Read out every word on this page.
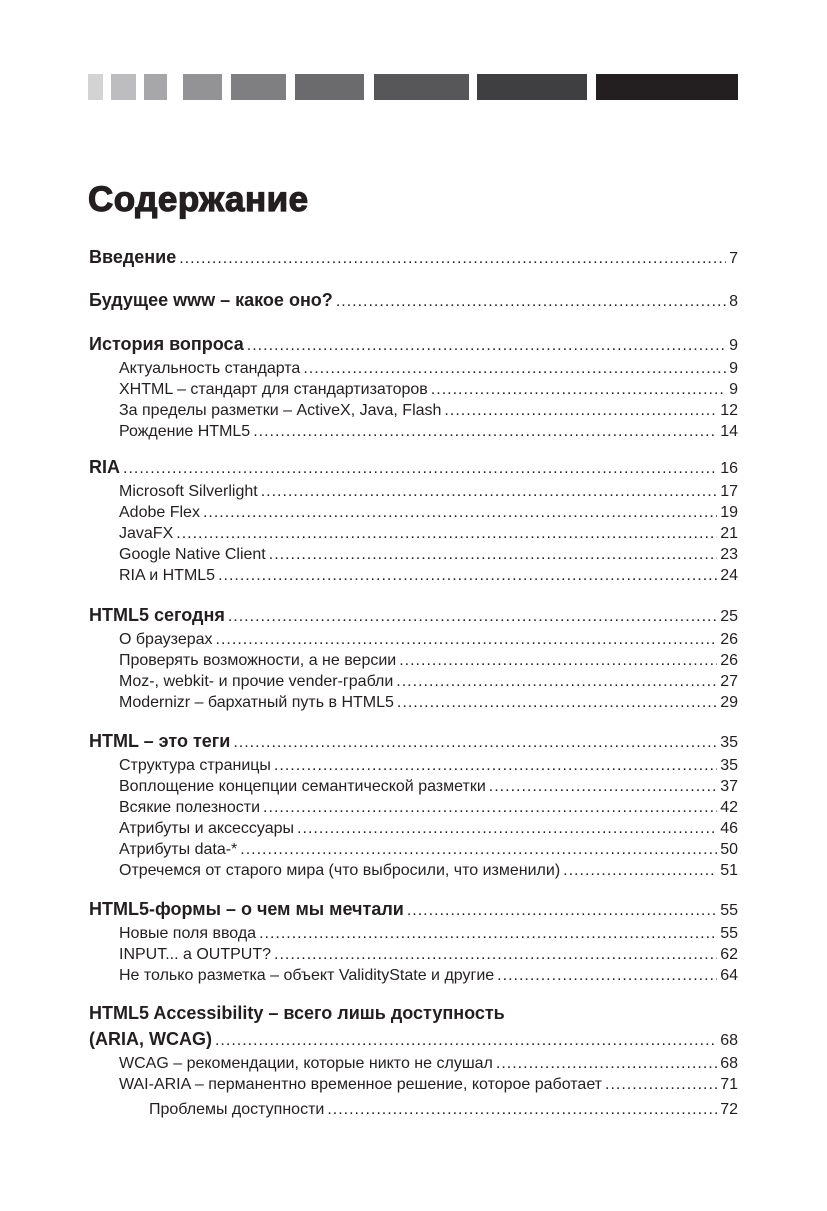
Содержание
Введение .....	7
Будущее www – какое оно? .....	8
История вопроса .....	9
Актуальность стандарта .....	9
XHTML – стандарт для стандартизаторов .....	9
За пределы разметки – ActiveX, Java, Flash .....	12
Рождение HTML5 .....	14
RIA .....	16
Microsoft Silverlight .....	17
Adobe Flex .....	19
JavaFX .....	21
Google Native Client .....	23
RIA и HTML5 .....	24
HTML5 сегодня .....	25
О браузерах .....	26
Проверять возможности, а не версии .....	26
Moz-, webkit- и прочие vender-грабли .....	27
Modernizr – бархатный путь в HTML5 .....	29
HTML – это теги .....	35
Структура страницы .....	35
Воплощение концепции семантической разметки .....	37
Всякие полезности .....	42
Атрибуты и аксессуары .....	46
Атрибуты data-* .....	50
Отречемся от старого мира (что выбросили, что изменили) .....	51
HTML5-формы – о чем мы мечтали .....	55
Новые поля ввода .....	55
INPUT... а OUTPUT? .....	62
Не только разметка – объект ValidityState и другие .....	64
HTML5 Accessibility – всего лишь доступность
(ARIA, WCAG) .....	68
WCAG – рекомендации, которые никто не слушал .....	68
WAI-ARIA – перманентно временное решение, которое работает .....	71
Проблемы доступности .....	72
